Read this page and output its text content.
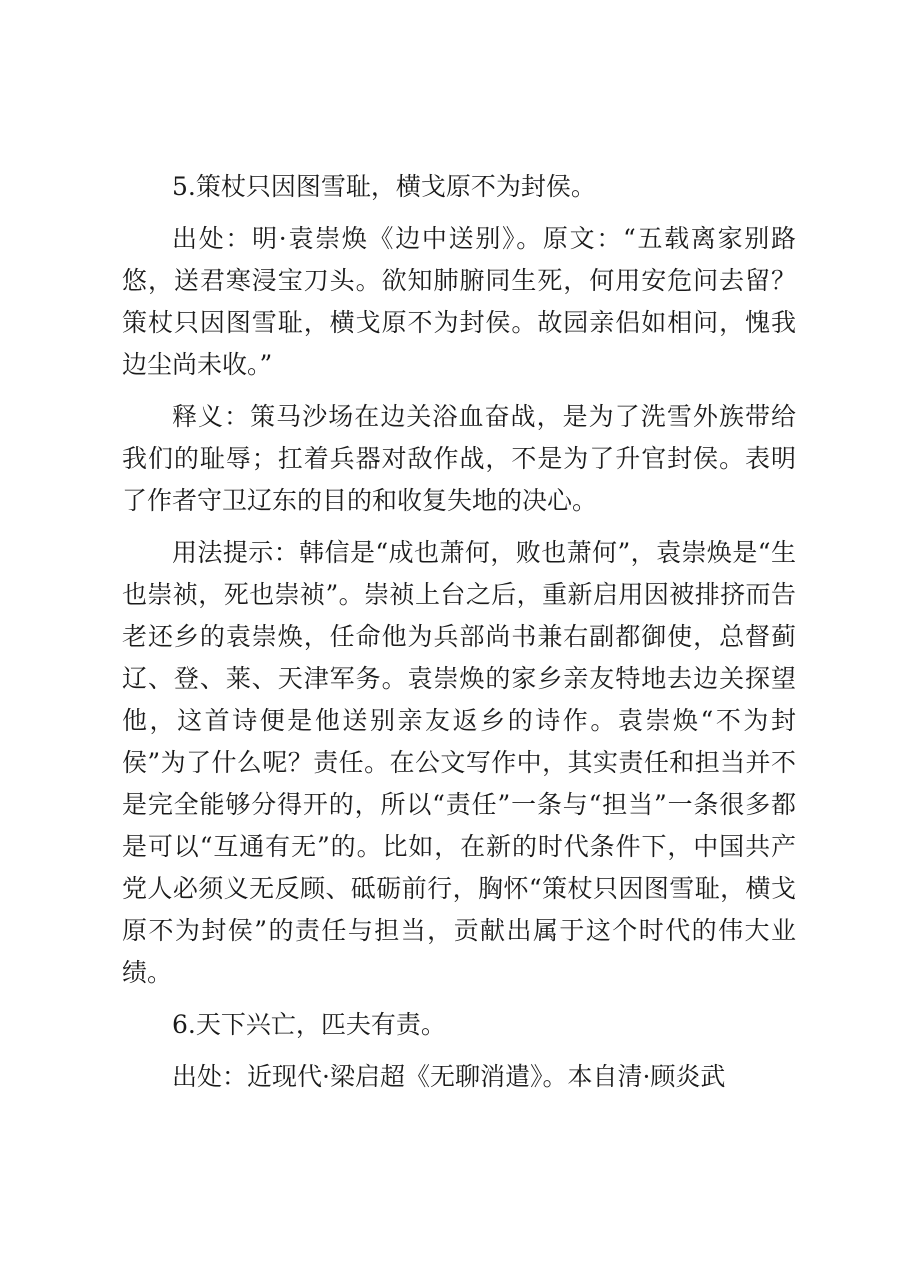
5.策杖只因图雪耻，横戈原不为封侯。

出处：明·袁崇焕《边中送别》。原文：“五载离家别路悠，送君寒浸宝刀头。欲知肺腑同生死，何用安危问去留？策杖只因图雪耻，横戈原不为封侯。故园亲侣如相问，愧我边尘尚未收。”

释义：策马沙场在边关浴血奋战，是为了洗雪外族带给我们的耻辱；扛着兵器对敌作战，不是为了升官封侯。表明了作者守卫辽东的目的和收复失地的决心。

用法提示：韩信是“成也萧何，败也萧何”，袁崇焕是“生也崇祯，死也崇祯”。崇祯上台之后，重新启用因被排挤而告老还乡的袁崇焕，任命他为兵部尚书兼右副都御使，总督蓟辽、登、莱、天津军务。袁崇焕的家乡亲友特地去边关探望他，这首诗便是他送别亲友返乡的诗作。袁崇焕“不为封侯”为了什么呢？责任。在公文写作中，其实责任和担当并不是完全能够分得开的，所以“责任”一条与“担当”一条很多都是可以“互通有无”的。比如，在新的时代条件下，中国共产党人必须义无反顾、砥砺前行，胸怀“策杖只因图雪耻，横戈原不为封侯”的责任与担当，贡献出属于这个时代的伟大业绩。

6.天下兴亡，匹夫有责。

出处：近现代·梁启超《无聊消遣》。本自清·顾炎武
